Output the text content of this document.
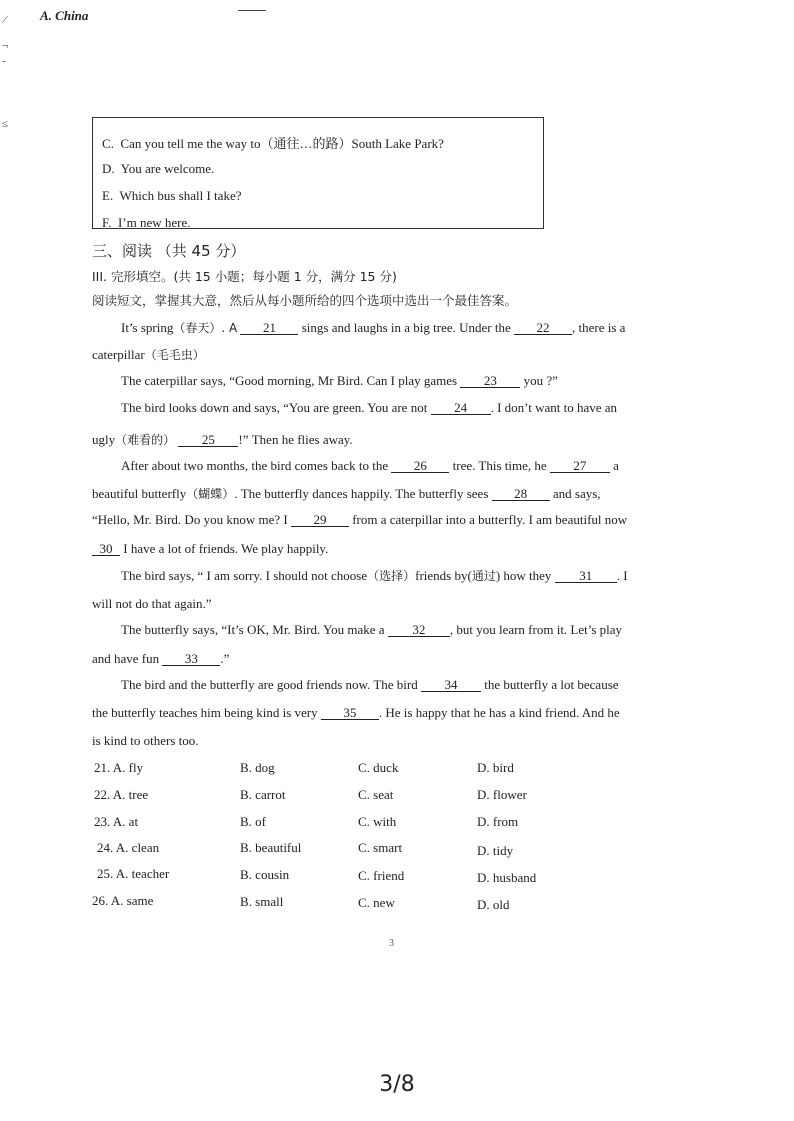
A. China
⁄
¬
-
≤
C. Can you tell me the way to（通往…的路）South Lake Park?
D. You are welcome.
E. Which bus shall I take?
F. I’m new here.
三、阅读 （共 45 分）
III. 完形填空。(共 15 小题；每小题 1 分，满分 15 分)
阅读短文，掌握其大意，然后从每小题所给的四个选项中选出一个最佳答案。
It’s spring（春天）. A 21 sings and laughs in a big tree. Under the 22 , there is a
caterpillar（毛毛虫）
The caterpillar says, “Good morning, Mr Bird. Can I play games 23 you ?”
The bird looks down and says, “You are green. You are not 24 . I don’t want to have an
ugly（难看的） 25 !” Then he flies away.
After about two months, the bird comes back to the 26 tree. This time, he 27 a
beautiful butterfly（蝴蝶）. The butterfly dances happily. The butterfly sees 28 and says,
“Hello, Mr. Bird. Do you know me? I 29 from a caterpillar into a butterfly. I am beautiful now
30 I have a lot of friends. We play happily.
The bird says, “ I am sorry. I should not choose（选择）friends by(通过) how they 31 . I
will not do that again.”
The butterfly says, “It’s OK, Mr. Bird. You make a 32 , but you learn from it. Let’s play
and have fun 33 .”
The bird and the butterfly are good friends now. The bird 34 the butterfly a lot because
the butterfly teaches him being kind is very 35 . He is happy that he has a kind friend. And he
is kind to others too.
21. A. fly	B. dog	C. duck	D. bird
22. A. tree	B. carrot	C. seat	D. flower
23. A. at	B. of	C. with	D. from
24. A. clean	B. beautiful	C. smart	D. tidy
25. A. teacher	B. cousin	C. friend	D. husband
26. A. same	B. small	C. new	D. old
3
3/8
